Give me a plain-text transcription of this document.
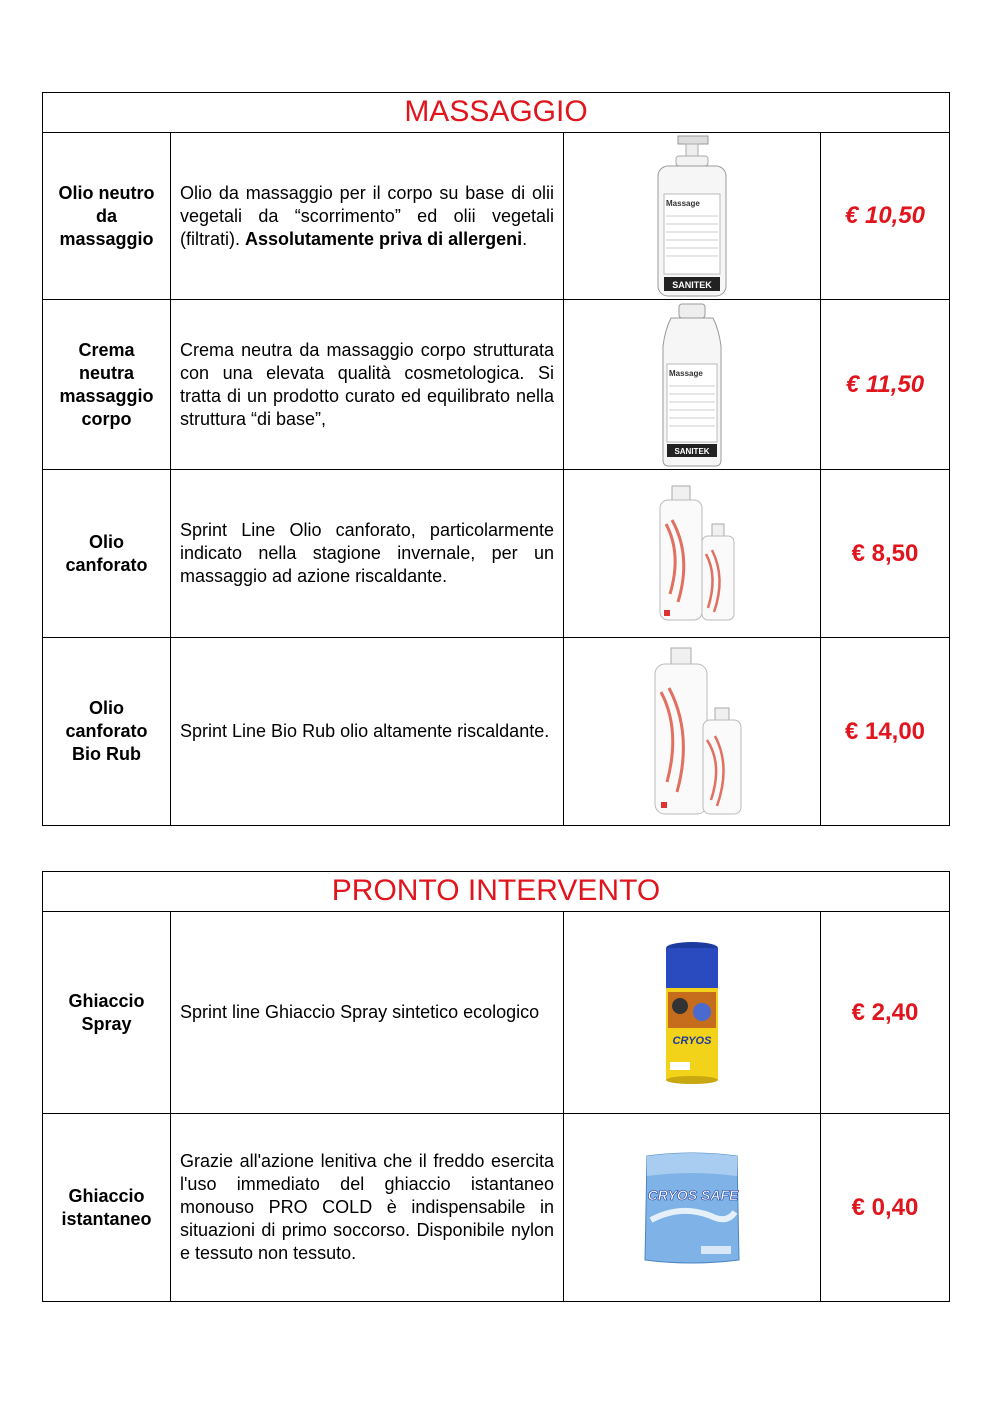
MASSAGGIO
Olio neutro da massaggio
Olio da massaggio per il corpo su base di olii vegetali da “scorrimento” ed olii vegetali (filtrati). Assolutamente priva di allergeni.
Massage
SANITEK
€ 10,50
Crema neutra massaggio corpo
Crema neutra da massaggio corpo strutturata con una elevata qualità cosmetologica. Si tratta di un prodotto curato ed equilibrato nella struttura “di base”,
Massage
SANITEK
€ 11,50
Olio canforato
Sprint Line Olio canforato, particolarmente indicato nella stagione invernale, per un massaggio ad azione riscaldante.
€ 8,50
Olio canforato Bio Rub
Sprint Line Bio Rub olio altamente riscaldante.	€ 14,00
PRONTO INTERVENTO
Ghiaccio Spray
Sprint line Ghiaccio Spray sintetico ecologico
CRYOS
€ 2,40
Ghiaccio istantaneo
Grazie all'azione lenitiva che il freddo esercita l'uso immediato del ghiaccio istantaneo monouso PRO COLD è indispensabile in situazioni di primo soccorso. Disponibile nylon e tessuto non tessuto.
CRYOS SAFE	€ 0,40
